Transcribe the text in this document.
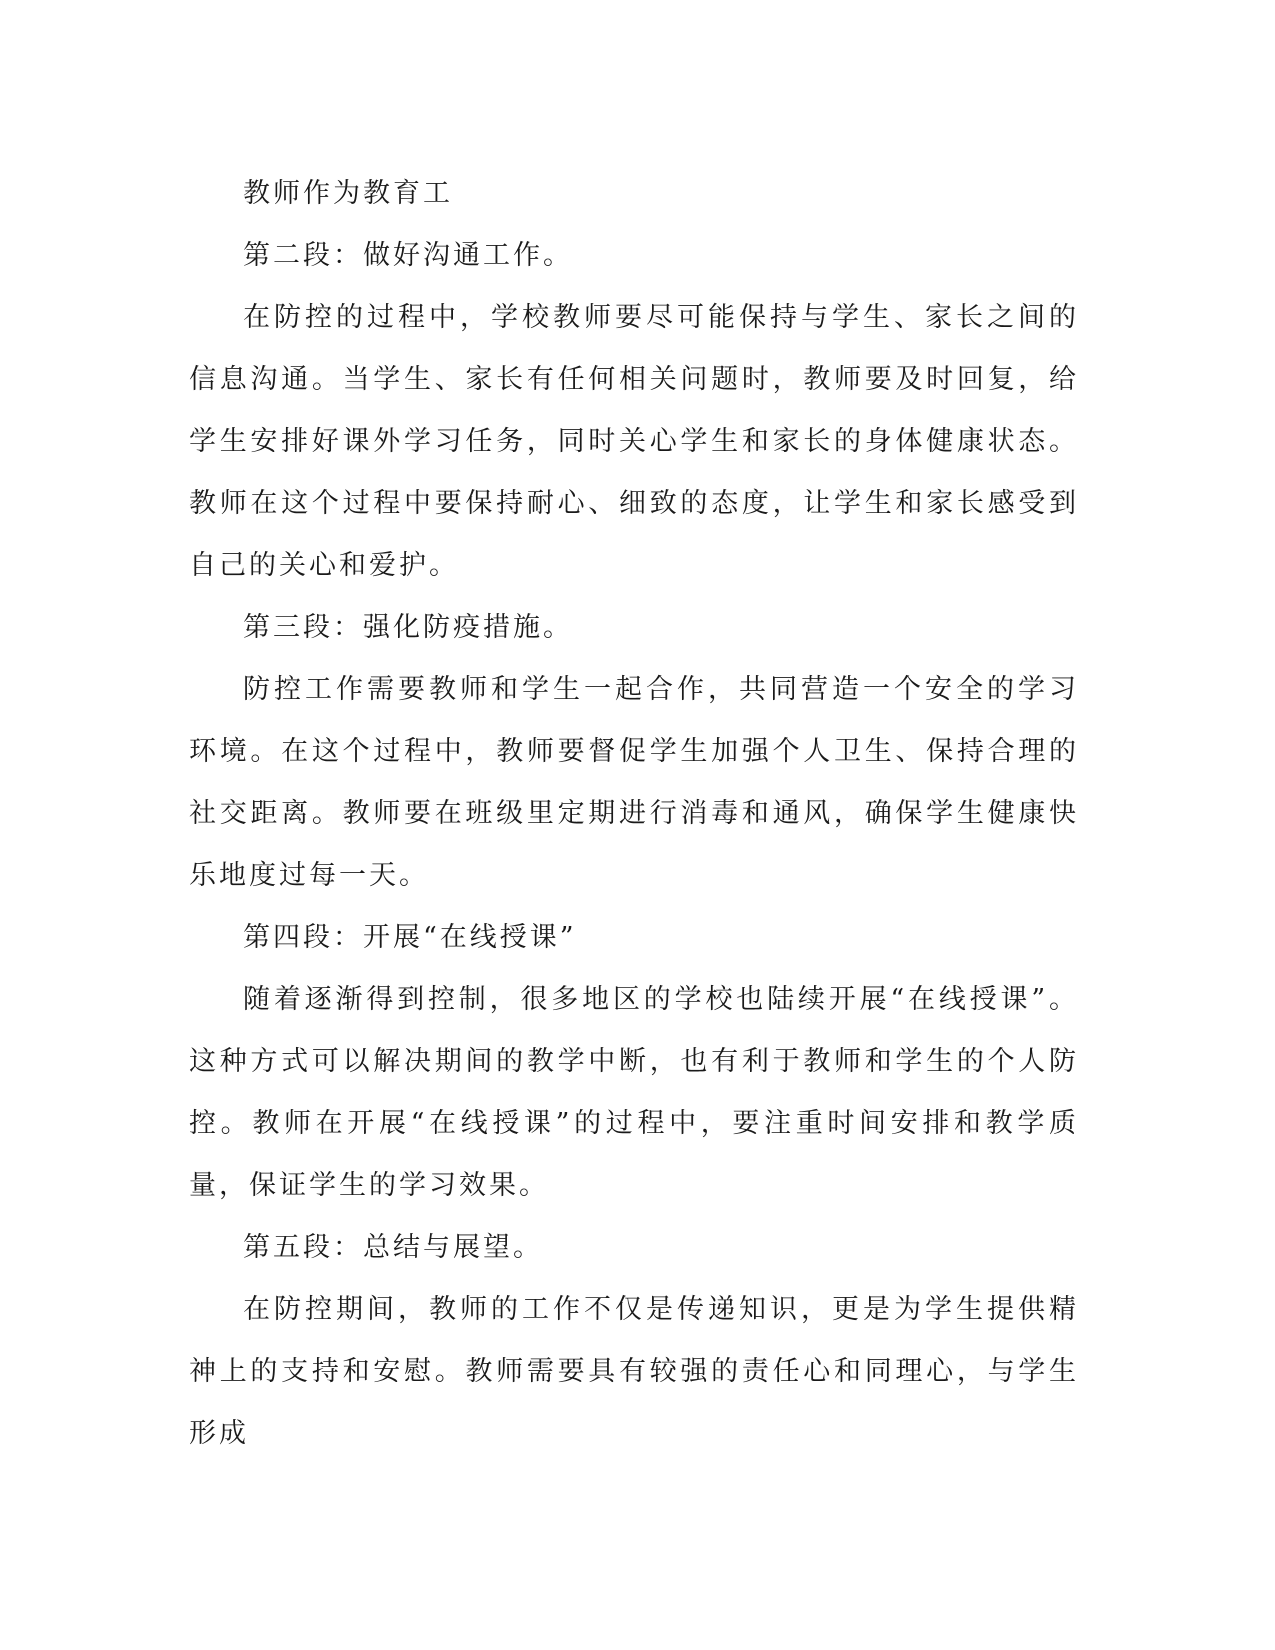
教师作为教育工

第二段：做好沟通工作。

在防控的过程中，学校教师要尽可能保持与学生、家长之间的信息沟通。当学生、家长有任何相关问题时，教师要及时回复，给学生安排好课外学习任务，同时关心学生和家长的身体健康状态。教师在这个过程中要保持耐心、细致的态度，让学生和家长感受到自己的关心和爱护。

第三段：强化防疫措施。

防控工作需要教师和学生一起合作，共同营造一个安全的学习环境。在这个过程中，教师要督促学生加强个人卫生、保持合理的社交距离。教师要在班级里定期进行消毒和通风，确保学生健康快乐地度过每一天。

第四段：开展“在线授课”

随着逐渐得到控制，很多地区的学校也陆续开展“在线授课”。这种方式可以解决期间的教学中断，也有利于教师和学生的个人防控。教师在开展“在线授课”的过程中，要注重时间安排和教学质量，保证学生的学习效果。

第五段：总结与展望。

在防控期间，教师的工作不仅是传递知识，更是为学生提供精神上的支持和安慰。教师需要具有较强的责任心和同理心，与学生形成
